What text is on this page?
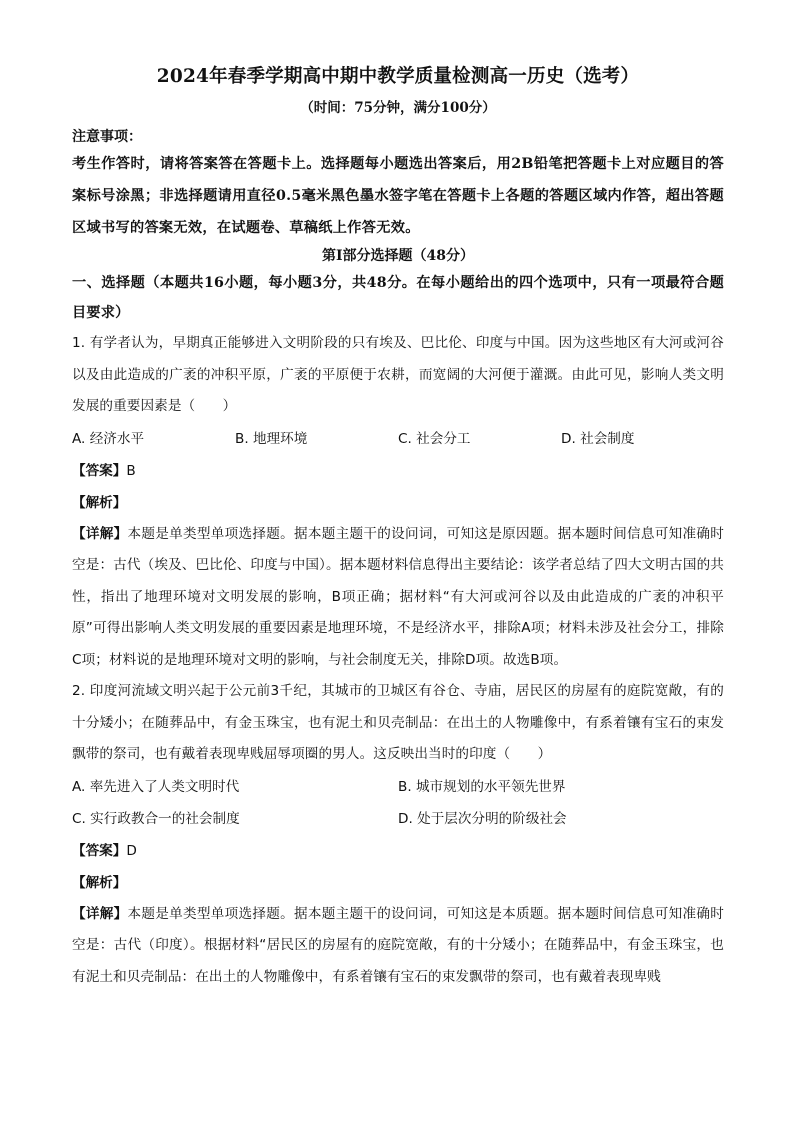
2024年春季学期高中期中教学质量检测高一历史（选考）
（时间：75分钟，满分100分）
注意事项：
考生作答时，请将答案答在答题卡上。选择题每小题选出答案后，用2B铅笔把答题卡上对应题目的答案标号涂黑；非选择题请用直径0.5毫米黑色墨水签字笔在答题卡上各题的答题区域内作答，超出答题区域书写的答案无效，在试题卷、草稿纸上作答无效。
第Ⅰ部分选择题（48分）
一、选择题（本题共16小题，每小题3分，共48分。在每小题给出的四个选项中，只有一项最符合题目要求）
1. 有学者认为，早期真正能够进入文明阶段的只有埃及、巴比伦、印度与中国。因为这些地区有大河或河谷以及由此造成的广袤的冲积平原，广袤的平原便于农耕，而宽阔的大河便于灌溉。由此可见，影响人类文明发展的重要因素是（　　）
A. 经济水平	B. 地理环境	C. 社会分工	D. 社会制度
【答案】B
【解析】
【详解】本题是单类型单项选择题。据本题主题干的设问词，可知这是原因题。据本题时间信息可知准确时空是：古代（埃及、巴比伦、印度与中国）。据本题材料信息得出主要结论：该学者总结了四大文明古国的共性，指出了地理环境对文明发展的影响，B项正确；据材料“有大河或河谷以及由此造成的广袤的冲积平原”可得出影响人类文明发展的重要因素是地理环境，不是经济水平，排除A项；材料未涉及社会分工，排除C项；材料说的是地理环境对文明的影响，与社会制度无关，排除D项。故选B项。
2. 印度河流域文明兴起于公元前3千纪，其城市的卫城区有谷仓、寺庙，居民区的房屋有的庭院宽敞，有的十分矮小；在随葬品中，有金玉珠宝，也有泥土和贝壳制品：在出土的人物雕像中，有系着镶有宝石的束发飘带的祭司，也有戴着表现卑贱屈辱项圈的男人。这反映出当时的印度（　　）
A. 率先进入了人类文明时代	B. 城市规划的水平领先世界
C. 实行政教合一的社会制度	D. 处于层次分明的阶级社会
【答案】D
【解析】
【详解】本题是单类型单项选择题。据本题主题干的设问词，可知这是本质题。据本题时间信息可知准确时空是：古代（印度）。根据材料“居民区的房屋有的庭院宽敞，有的十分矮小；在随葬品中，有金玉珠宝，也有泥土和贝壳制品：在出土的人物雕像中，有系着镶有宝石的束发飘带的祭司，也有戴着表现卑贱
